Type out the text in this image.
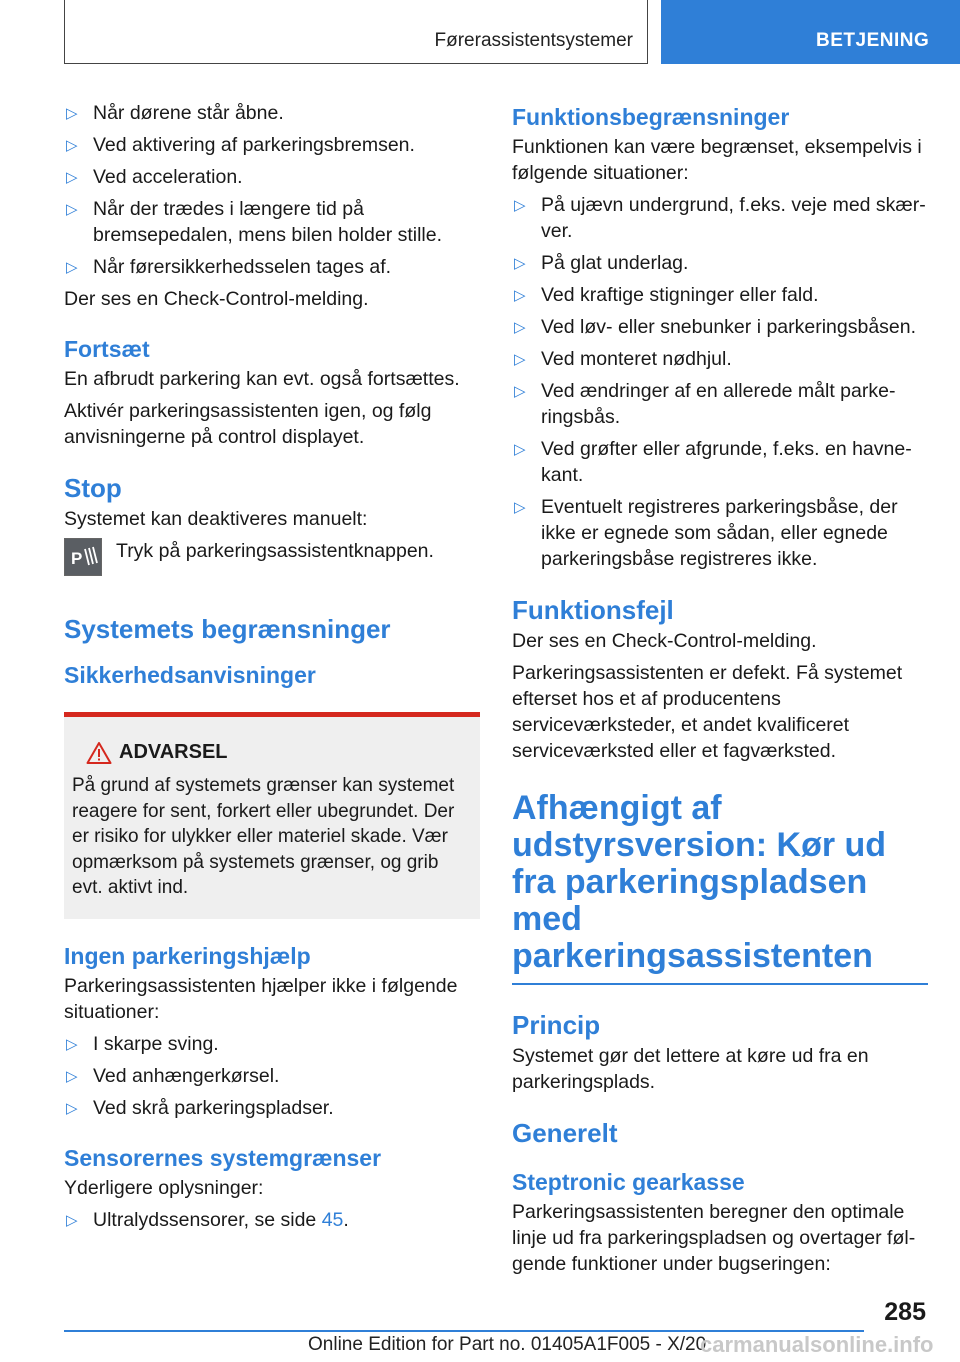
Førerassistentsystemer	BETJENING
▷ Når dørene står åbne.
▷ Ved aktivering af parkeringsbremsen.
▷ Ved acceleration.
▷ Når der trædes i længere tid på bremsepedalen, mens bilen holder stille.
▷ Når førersikkerhedsselen tages af.

Der ses en Check-Control-melding.

Fortsæt

En afbrudt parkering kan evt. også fortsættes.

Aktivér parkeringsassistenten igen, og følg anvisningerne på control displayet.

Stop

Systemet kan deaktiveres manuelt:

P Tryk på parkeringsassistentknappen.
Systemets begrænsninger
Sikkerhedsanvisninger
ADVARSEL

På grund af systemets grænser kan systemet reagere for sent, forkert eller ubegrundet. Der er risiko for ulykker eller materiel skade. Vær opmærksom på systemets grænser, og grib evt. aktivt ind.

Ingen parkeringshjælp

Parkeringsassistenten hjælper ikke i følgende situationer:

▷ I skarpe sving.
▷ Ved anhængerkørsel.
▷ Ved skrå parkeringspladser.
Sensorernes systemgrænser

Yderligere oplysninger:

▷ Ultralydssensorer, se side 45.
Funktionsbegrænsninger

Funktionen kan være begrænset, eksempelvis i følgende situationer:

▷ På ujævn undergrund, f.eks. veje med skærver.
▷ På glat underlag.
▷ Ved kraftige stigninger eller fald.
▷ Ved løv- eller snebunker i parkeringsbåsen.
▷ Ved monteret nødhjul.
▷ Ved ændringer af en allerede målt parkeringsbås.
▷ Ved grøfter eller afgrunde, f.eks. en havnekant.
▷ Eventuelt registreres parkeringsbåse, der ikke er egnede som sådan, eller egnede parkeringsbåse registreres ikke.
Funktionsfejl

Der ses en Check-Control-melding.

Parkeringsassistenten er defekt. Få systemet efterset hos et af producentens serviceværksteder, et andet kvalificeret serviceværksted eller et fagværksted.

Afhængigt af udstyrsversion: Kør ud fra parkeringspladsen med parkeringsassistenten
Princip

Systemet gør det lettere at køre ud fra en parkeringsplads.

Generelt
Steptronic gearkasse

Parkeringsassistenten beregner den optimale linje ud fra parkeringspladsen og overtager følgende funktioner under bugseringen:

285
Online Edition for Part no. 01405A1F005 - X/20
carmanualsonline.info
